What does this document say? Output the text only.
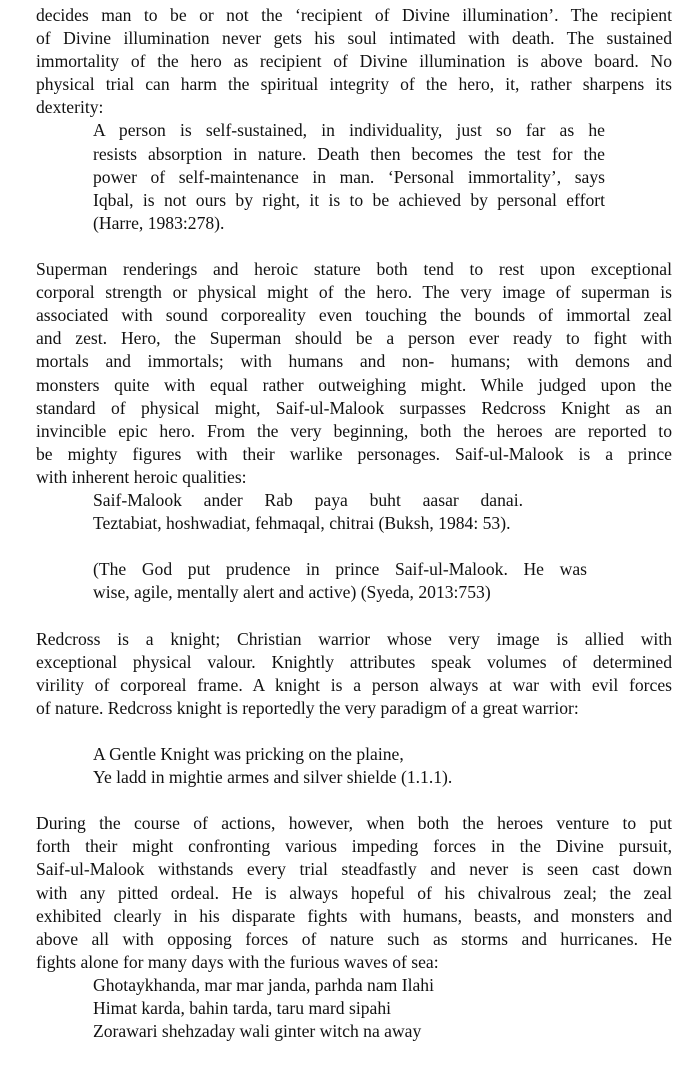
decides man to be or not the ‘recipient of Divine illumination’. The recipient
of Divine illumination never gets his soul intimated with death. The sustained
immortality of the hero as recipient of Divine illumination is above board. No
physical trial can harm the spiritual integrity of the hero, it, rather sharpens its
dexterity:
A person is self-sustained, in individuality, just so far as he
resists absorption in nature. Death then becomes the test for the
power of self-maintenance in man. ‘Personal immortality’, says
Iqbal, is not ours by right, it is to be achieved by personal effort
(Harre, 1983:278).
Superman renderings and heroic stature both tend to rest upon exceptional
corporal strength or physical might of the hero. The very image of superman is
associated with sound corporeality even touching the bounds of immortal zeal
and zest. Hero, the Superman should be a person ever ready to fight with
mortals and immortals; with humans and non- humans; with demons and
monsters quite with equal rather outweighing might. While judged upon the
standard of physical might, Saif-ul-Malook surpasses Redcross Knight as an
invincible epic hero. From the very beginning, both the heroes are reported to
be mighty figures with their warlike personages. Saif-ul-Malook is a prince
with inherent heroic qualities:
Saif-Malook ander Rab paya buht aasar danai.
Teztabiat, hoshwadiat, fehmaqal, chitrai (Buksh, 1984: 53).
(The God put prudence in prince Saif-ul-Malook. He was
wise, agile, mentally alert and active) (Syeda, 2013:753)
Redcross is a knight; Christian warrior whose very image is allied with
exceptional physical valour. Knightly attributes speak volumes of determined
virility of corporeal frame. A knight is a person always at war with evil forces
of nature. Redcross knight is reportedly the very paradigm of a great warrior:
A Gentle Knight was pricking on the plaine,
Ye ladd in mightie armes and silver shielde (1.1.1).
During the course of actions, however, when both the heroes venture to put
forth their might confronting various impeding forces in the Divine pursuit,
Saif-ul-Malook withstands every trial steadfastly and never is seen cast down
with any pitted ordeal. He is always hopeful of his chivalrous zeal; the zeal
exhibited clearly in his disparate fights with humans, beasts, and monsters and
above all with opposing forces of nature such as storms and hurricanes. He
fights alone for many days with the furious waves of sea:
Ghotaykhanda, mar mar janda, parhda nam Ilahi
Himat karda, bahin tarda, taru mard sipahi
Zorawari shehzaday wali ginter witch na away
